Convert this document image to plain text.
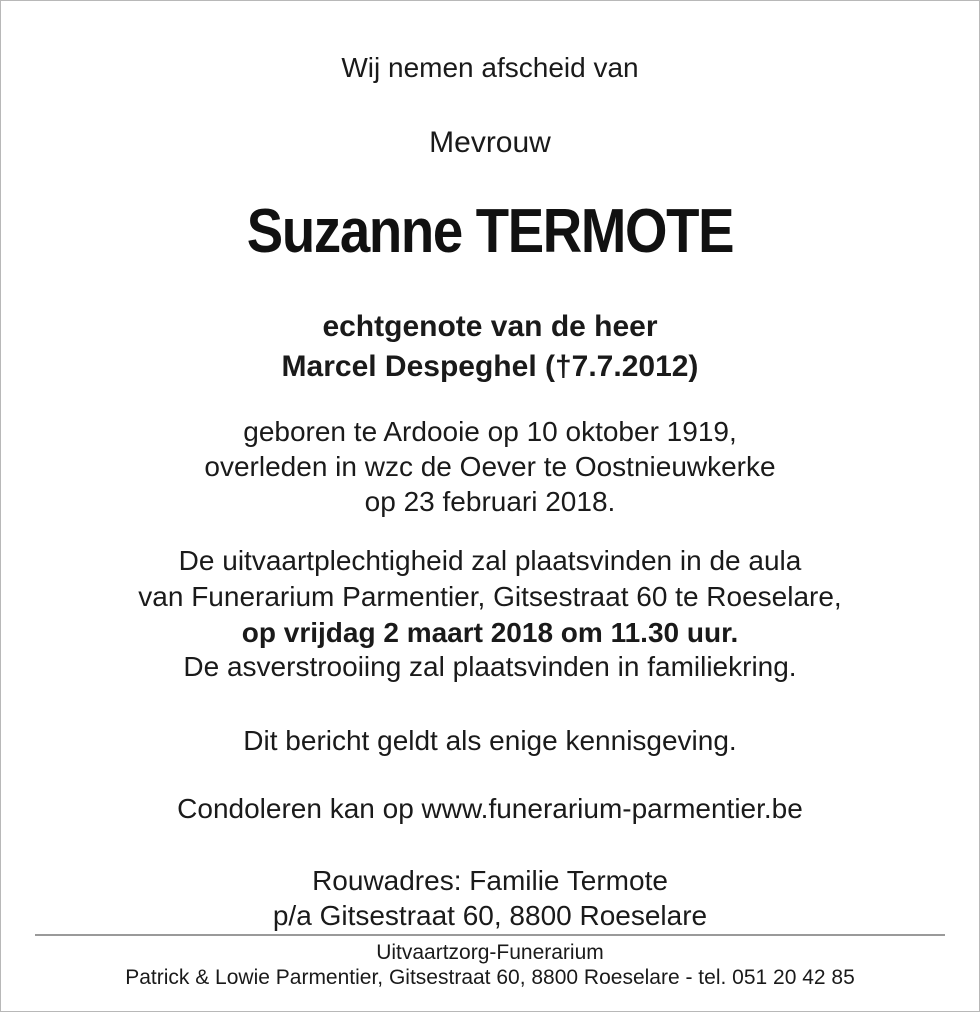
Wij nemen afscheid van
Mevrouw
Suzanne TERMOTE
echtgenote van de heer
Marcel Despeghel (†7.7.2012)
geboren te Ardooie op 10 oktober 1919,
overleden in wzc de Oever te Oostnieuwkerke
op 23 februari 2018.
De uitvaartplechtigheid zal plaatsvinden in de aula
van Funerarium Parmentier, Gitsestraat 60 te Roeselare,
op vrijdag 2 maart 2018 om 11.30 uur.
De asverstrooiing zal plaatsvinden in familiekring.
Dit bericht geldt als enige kennisgeving.
Condoleren kan op www.funerarium-parmentier.be
Rouwadres: Familie Termote
p/a Gitsestraat 60, 8800 Roeselare
Uitvaartzorg-Funerarium
Patrick & Lowie Parmentier, Gitsestraat 60, 8800 Roeselare - tel. 051 20 42 85
